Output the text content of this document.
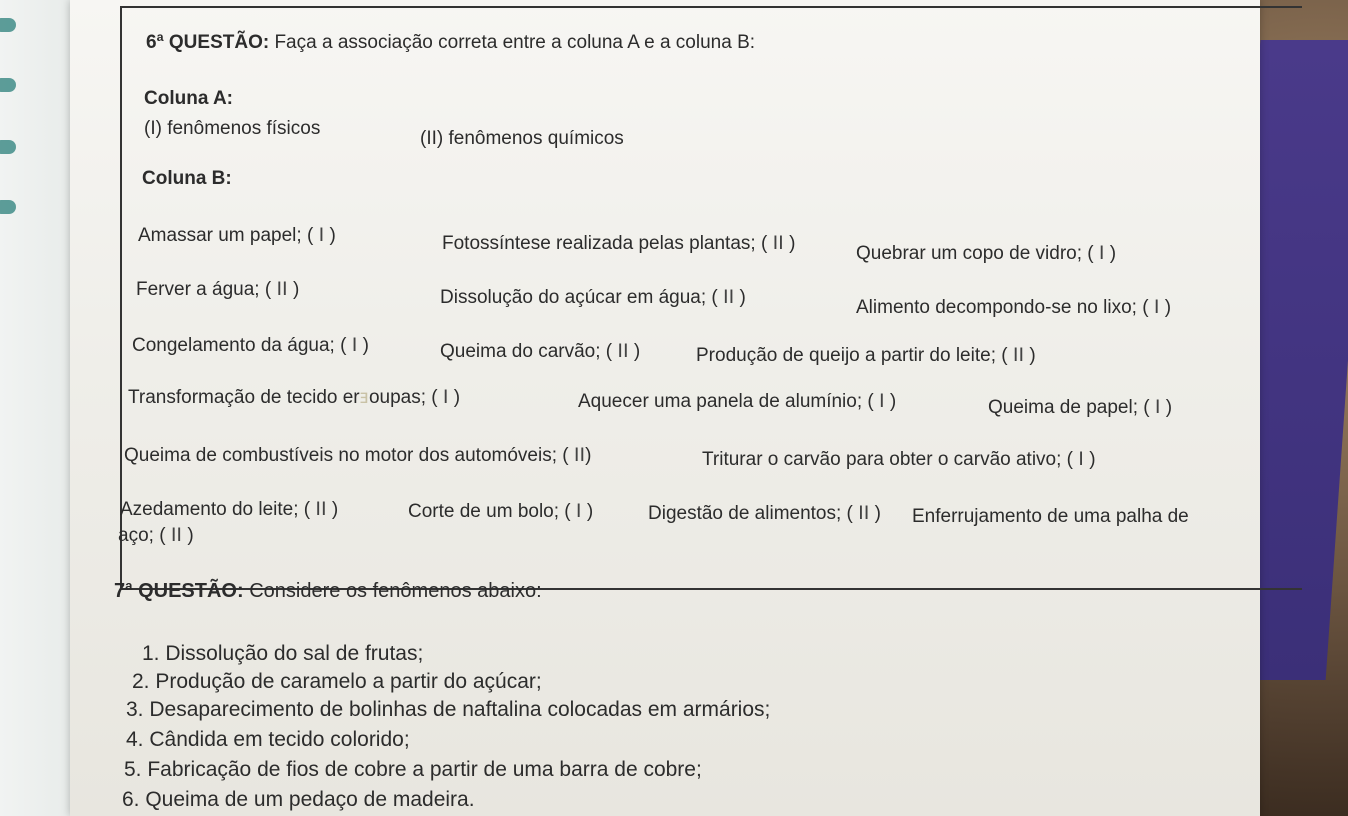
6ª QUESTÃO: Faça a associação correta entre a coluna A e a coluna B:
Coluna A:
(I) fenômenos físicos	(II) fenômenos químicos
Coluna B:
Amassar um papel; ( I )	Fotossíntese realizada pelas plantas; ( II )	Quebrar um copo de vidro; ( I )
Ferver a água; ( II )	Dissolução do açúcar em água; ( II )	Alimento decompondo-se no lixo; ( I )
Congelamento da água; ( I )	Queima do carvão; ( II )	Produção de queijo a partir do leite; ( II )
Transformação de tecido erⱻoupas; ( I )	Aquecer uma panela de alumínio; ( I )	Queima de papel; ( I )
Queima de combustíveis no motor dos automóveis; ( II)	Triturar o carvão para obter o carvão ativo; ( I )
Azedamento do leite; ( II )	Corte de um bolo; ( I )	Digestão de alimentos; ( II ) Enferrujamento de uma palha de
aço; ( II )
7ª QUESTÃO: Considere os fenômenos abaixo:
1. Dissolução do sal de frutas;
2. Produção de caramelo a partir do açúcar;
3. Desaparecimento de bolinhas de naftalina colocadas em armários;
4. Cândida em tecido colorido;
5. Fabricação de fios de cobre a partir de uma barra de cobre;
6. Queima de um pedaço de madeira.
